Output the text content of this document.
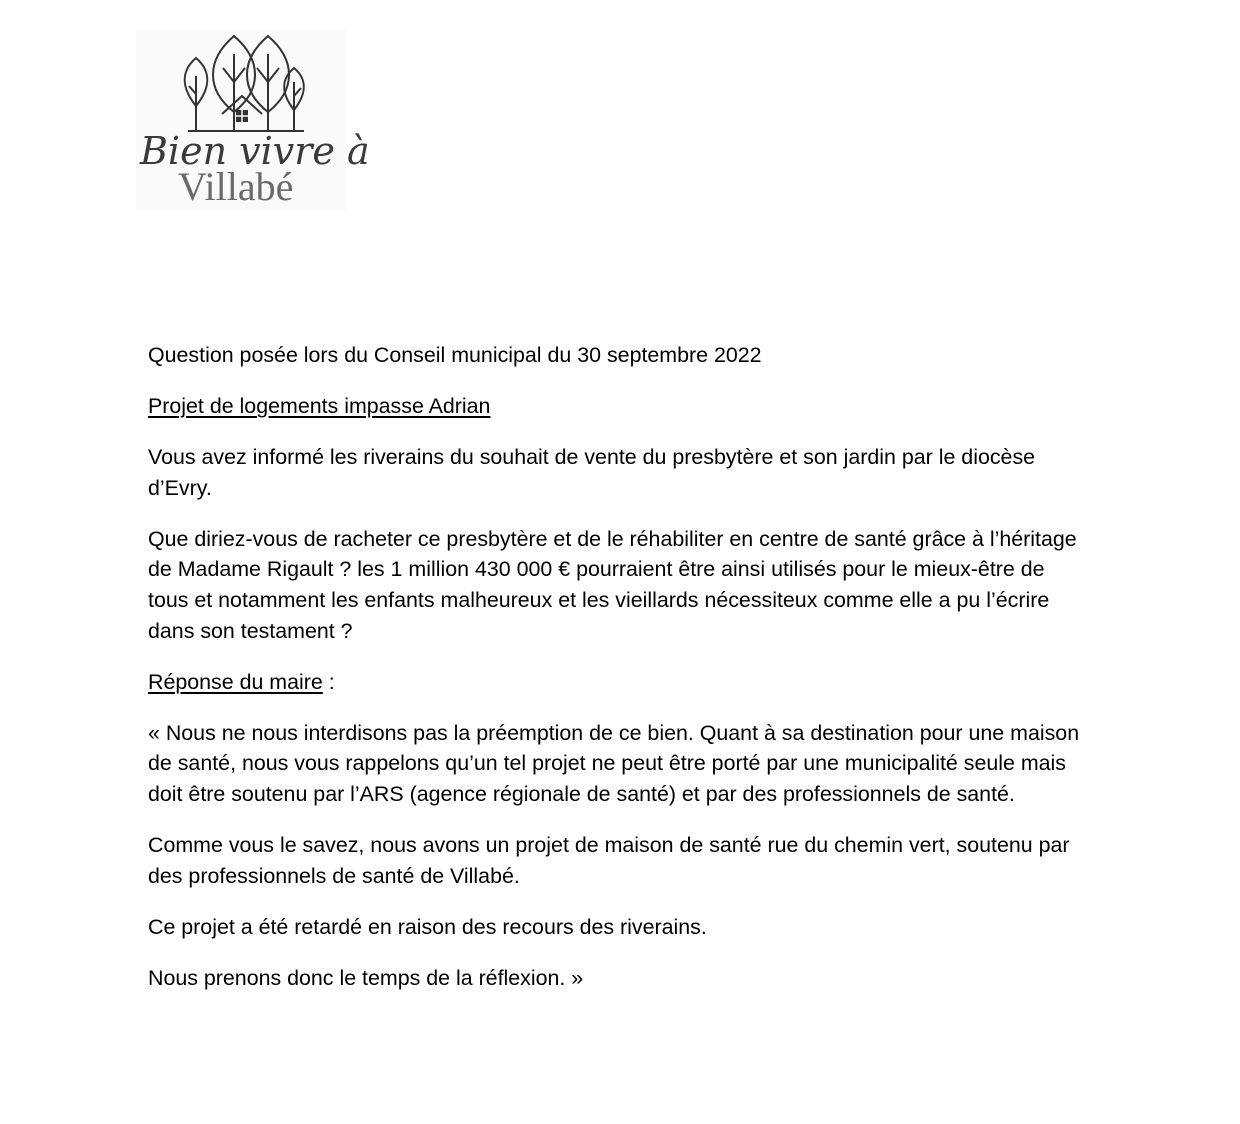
Bien vivre à
Villabé

Question posée lors du Conseil municipal du 30 septembre 2022

Projet de logements impasse Adrian

Vous avez informé les riverains du souhait de vente du presbytère et son jardin par le diocèse d’Evry.

Que diriez-vous de racheter ce presbytère et de le réhabiliter en centre de santé grâce à l’héritage de Madame Rigault ? les 1 million 430 000 € pourraient être ainsi utilisés pour le mieux-être de tous et notamment les enfants malheureux et les vieillards nécessiteux comme elle a pu l’écrire dans son testament ?

Réponse du maire :

« Nous ne nous interdisons pas la préemption de ce bien. Quant à sa destination pour une maison de santé, nous vous rappelons qu’un tel projet ne peut être porté par une municipalité seule mais doit être soutenu par l’ARS (agence régionale de santé) et par des professionnels de santé.

Comme vous le savez, nous avons un projet de maison de santé rue du chemin vert, soutenu par des professionnels de santé de Villabé.

Ce projet a été retardé en raison des recours des riverains.

Nous prenons donc le temps de la réflexion. »
